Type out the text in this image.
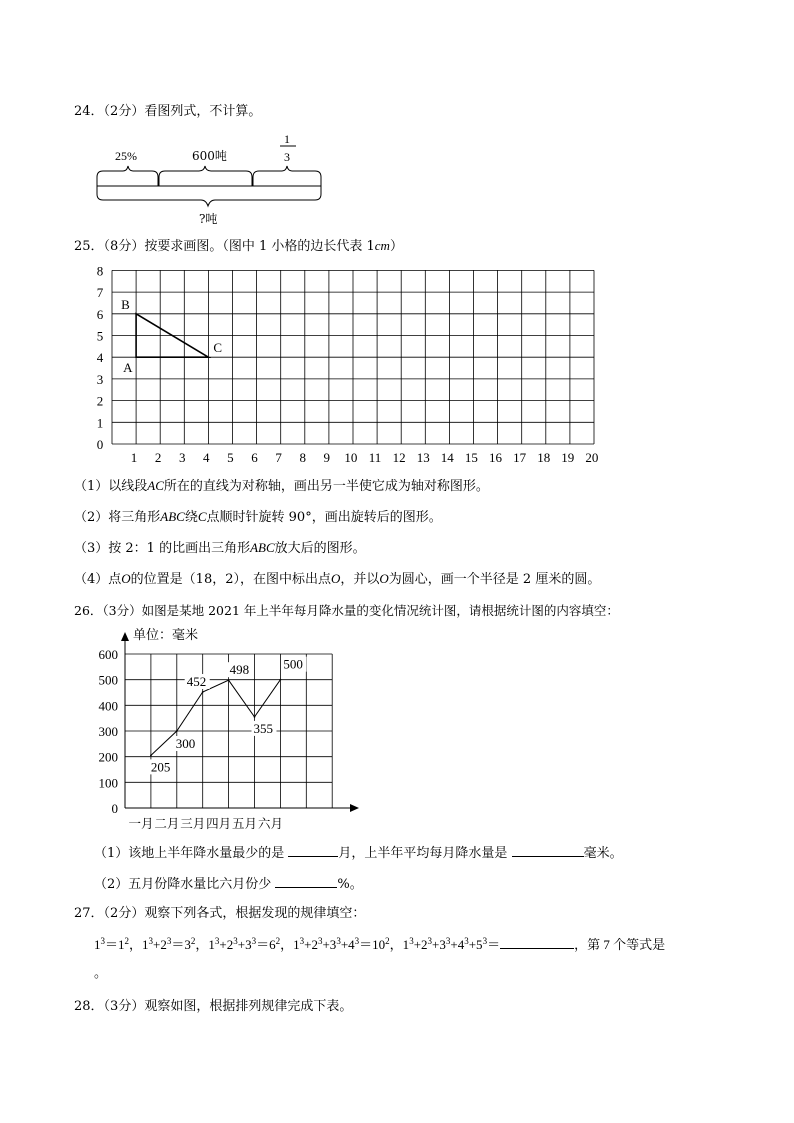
24．（2分）看图列式，不计算。
25%	600吨
1
3
?吨
25．（8分）按要求画图。（图中 1 小格的边长代表 1cm）
8
7
6
5
4
3
2
1
0
1 2 3 4 5 6 7 8 9 10 11 12 13 14 15 16 17 18 19 20
A
B
C
（1）以线段AC所在的直线为对称轴，画出另一半使它成为轴对称图形。
（2）将三角形ABC绕C点顺时针旋转 90°，画出旋转后的图形。
（3）按 2：1 的比画出三角形ABC放大后的图形。
（4）点O的位置是（18，2），在图中标出点O，并以O为圆心，画一个半径是 2 厘米的圆。
26．（3分）如图是某地 2021 年上半年每月降水量的变化情况统计图，请根据统计图的内容填空：
单位：毫米
600
500
400
300
200
100
0
一月 二月 三月 四月 五月 六月
205
300
452
498
355
500
（1）该地上半年降水量最少的是	月，上半年平均每月降水量是	毫米。
（2）五月份降水量比六月份少	%。
27．（2分）观察下列各式，根据发现的规律填空：
$1^3=1^2$，$1^3+2^3=3^2$，$1^3+2^3+3^3=6^2$，$1^3+2^3+3^3+4^3=10^2$，$1^3+2^3+3^3+4^3+5^3=$	，第 7 个等式是
。
28．（3分）观察如图，根据排列规律完成下表。
